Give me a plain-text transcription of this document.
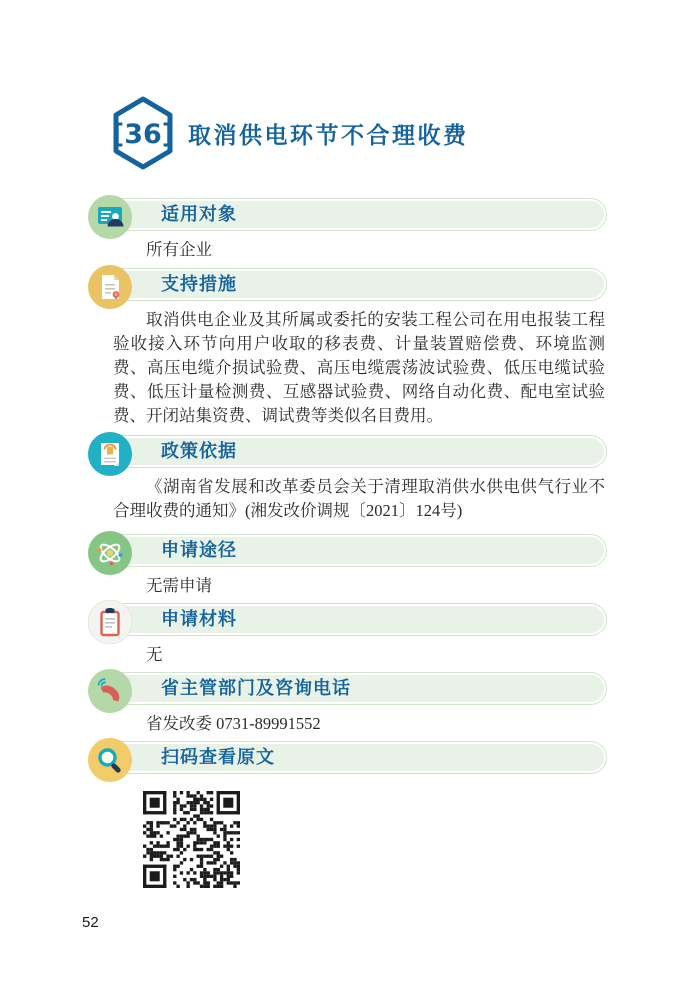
[36] 取消供电环节不合理收费
适用对象
所有企业
支持措施
取消供电企业及其所属或委托的安装工程公司在用电报装工程验收接入环节向用户收取的移表费、计量装置赔偿费、环境监测费、高压电缆介损试验费、高压电缆震荡波试验费、低压电缆试验费、低压计量检测费、互感器试验费、网络自动化费、配电室试验费、开闭站集资费、调试费等类似名目费用。
政策依据
《湖南省发展和改革委员会关于清理取消供水供电供气行业不合理收费的通知》(湘发改价调规〔2021〕124号)
申请途径
无需申请
申请材料
无
省主管部门及咨询电话
省发改委 0731-89991552
扫码查看原文
52
